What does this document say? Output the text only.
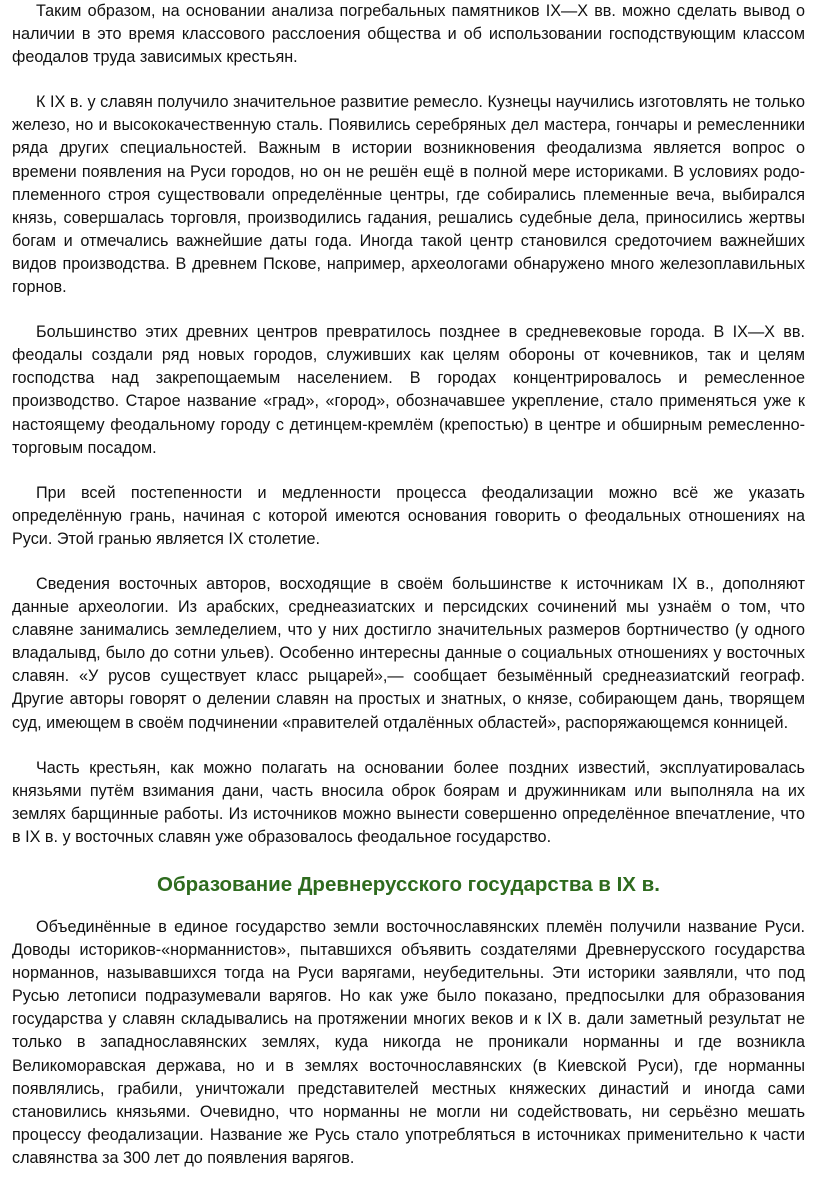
Таким образом, на основании анализа погребальных памятников IX—X вв. можно сделать вывод о наличии в это время классового расслоения общества и об использовании господствующим классом феодалов труда зависимых крестьян.

К IX в. у славян получило значительное развитие ремесло. Кузнецы научились изготовлять не только железо, но и высококачественную сталь. Появились серебряных дел мастера, гончары и ремесленники ряда других специальностей. Важным в истории возникновения феодализма является вопрос о времени появления на Руси городов, но он не решён ещё в полной мере историками. В условиях родо-племенного строя существовали определённые центры, где собирались племенные веча, выбирался князь, совершалась торговля, производились гадания, решались судебные дела, приносились жертвы богам и отмечались важнейшие даты года. Иногда такой центр становился средоточием важнейших видов производства. В древнем Пскове, например, археологами обнаружено много железоплавильных горнов.

Большинство этих древних центров превратилось позднее в средневековые города. В IX—X вв. феодалы создали ряд новых городов, служивших как целям обороны от кочевников, так и целям господства над закрепощаемым населением. В городах концентрировалось и ремесленное производство. Старое название «град», «город», обозначавшее укрепление, стало применяться уже к настоящему феодальному городу с детинцем-кремлём (крепостью) в центре и обширным ремесленно-торговым посадом.

При всей постепенности и медленности процесса феодализации можно всё же указать определённую грань, начиная с которой имеются основания говорить о феодальных отношениях на Руси. Этой гранью является IX столетие.

Сведения восточных авторов, восходящие в своём большинстве к источникам IX в., дополняют данные археологии. Из арабских, среднеазиатских и персидских сочинений мы узнаём о том, что славяне занимались земледелием, что у них достигло значительных размеров бортничество (у одного владалывд, было до сотни ульев). Особенно интересны данные о социальных отношениях у восточных славян. «У русов существует класс рыцарей»,— сообщает безымённый среднеазиатский географ. Другие авторы говорят о делении славян на простых и знатных, о князе, собирающем дань, творящем суд, имеющем в своём подчинении «правителей отдалённых областей», распоряжающемся конницей.

Часть крестьян, как можно полагать на основании более поздних известий, эксплуатировалась князьями путём взимания дани, часть вносила оброк боярам и дружинникам или выполняла на их землях барщинные работы. Из источников можно вынести совершенно определённое впечатление, что в IX в. у восточных славян уже образовалось феодальное государство.

Образование Древнерусского государства в IX в.

Объединённые в единое государство земли восточнославянских племён получили название Руси. Доводы историков-«норманнистов», пытавшихся объявить создателями Древнерусского государства норманнов, называвшихся тогда на Руси варягами, неубедительны. Эти историки заявляли, что под Русью летописи подразумевали варягов. Но как уже было показано, предпосылки для образования государства у славян складывались на протяжении многих веков и к IX в. дали заметный результат не только в западнославянских землях, куда никогда не проникали норманны и где возникла Великоморавская держава, но и в землях восточнославянских (в Киевской Руси), где норманны появлялись, грабили, уничтожали представителей местных княжеских династий и иногда сами становились князьями. Очевидно, что норманны не могли ни содействовать, ни серьёзно мешать процессу феодализации. Название же Русь стало употребляться в источниках применительно к части славянства за 300 лет до появления варягов.
